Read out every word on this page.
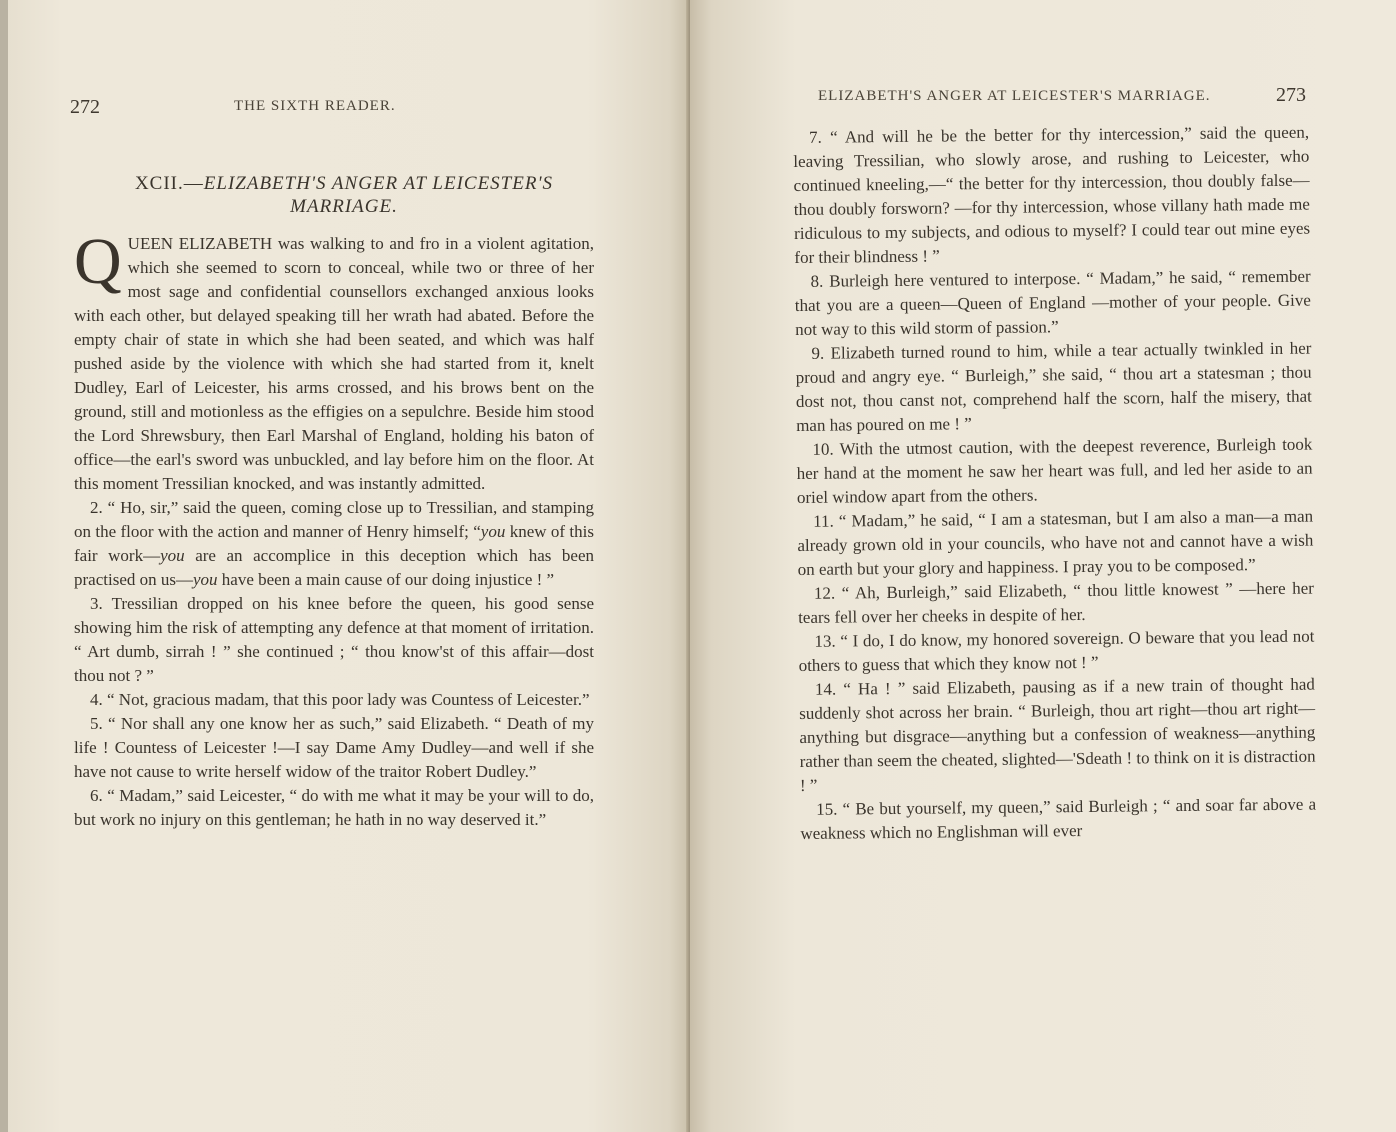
272	THE SIXTH READER.
XCII.—ELIZABETH'S ANGER AT LEICESTER'S
MARRIAGE.

QUEEN ELIZABETH was walking to and fro in a violent agitation, which she seemed to scorn to conceal, while two or three of her most sage and confidential counsellors exchanged anxious looks with each other, but delayed speaking till her wrath had abated. Before the empty chair of state in which she had been seated, and which was half pushed aside by the violence with which she had started from it, knelt Dudley, Earl of Leicester, his arms crossed, and his brows bent on the ground, still and motionless as the effigies on a sepulchre. Beside him stood the Lord Shrewsbury, then Earl Marshal of England, holding his baton of office—the earl's sword was unbuckled, and lay before him on the floor. At this moment Tressilian knocked, and was instantly admitted.

2. “ Ho, sir,” said the queen, coming close up to Tressilian, and stamping on the floor with the action and manner of Henry himself; “you knew of this fair work—you are an accomplice in this deception which has been practised on us—you have been a main cause of our doing injustice ! ”

3. Tressilian dropped on his knee before the queen, his good sense showing him the risk of attempting any defence at that moment of irritation. “ Art dumb, sirrah ! ” she continued ; “ thou know'st of this affair—dost thou not ? ”

4. “ Not, gracious madam, that this poor lady was Countess of Leicester.”

5. “ Nor shall any one know her as such,” said Elizabeth. “ Death of my life ! Countess of Leicester !—I say Dame Amy Dudley—and well if she have not cause to write herself widow of the traitor Robert Dudley.”

6. “ Madam,” said Leicester, “ do with me what it may be your will to do, but work no injury on this gentleman; he hath in no way deserved it.”

ELIZABETH'S ANGER AT LEICESTER'S MARRIAGE.	273

7. “ And will he be the better for thy intercession,” said the queen, leaving Tressilian, who slowly arose, and rushing to Leicester, who continued kneeling,—“ the better for thy intercession, thou doubly false—thou doubly forsworn? —for thy intercession, whose villany hath made me ridiculous to my subjects, and odious to myself? I could tear out mine eyes for their blindness ! ”

8. Burleigh here ventured to interpose. “ Madam,” he said, “ remember that you are a queen—Queen of England —mother of your people. Give not way to this wild storm of passion.”

9. Elizabeth turned round to him, while a tear actually twinkled in her proud and angry eye. “ Burleigh,” she said, “ thou art a statesman ; thou dost not, thou canst not, comprehend half the scorn, half the misery, that man has poured on me ! ”

10. With the utmost caution, with the deepest reverence, Burleigh took her hand at the moment he saw her heart was full, and led her aside to an oriel window apart from the others.

11. “ Madam,” he said, “ I am a statesman, but I am also a man—a man already grown old in your councils, who have not and cannot have a wish on earth but your glory and happiness. I pray you to be composed.”

12. “ Ah, Burleigh,” said Elizabeth, “ thou little knowest ” —here her tears fell over her cheeks in despite of her.

13. “ I do, I do know, my honored sovereign. O beware that you lead not others to guess that which they know not ! ”

14. “ Ha ! ” said Elizabeth, pausing as if a new train of thought had suddenly shot across her brain. “ Burleigh, thou art right—thou art right—anything but disgrace—anything but a confession of weakness—anything rather than seem the cheated, slighted—'Sdeath ! to think on it is distraction ! ”

15. “ Be but yourself, my queen,” said Burleigh ; “ and soar far above a weakness which no Englishman will ever
